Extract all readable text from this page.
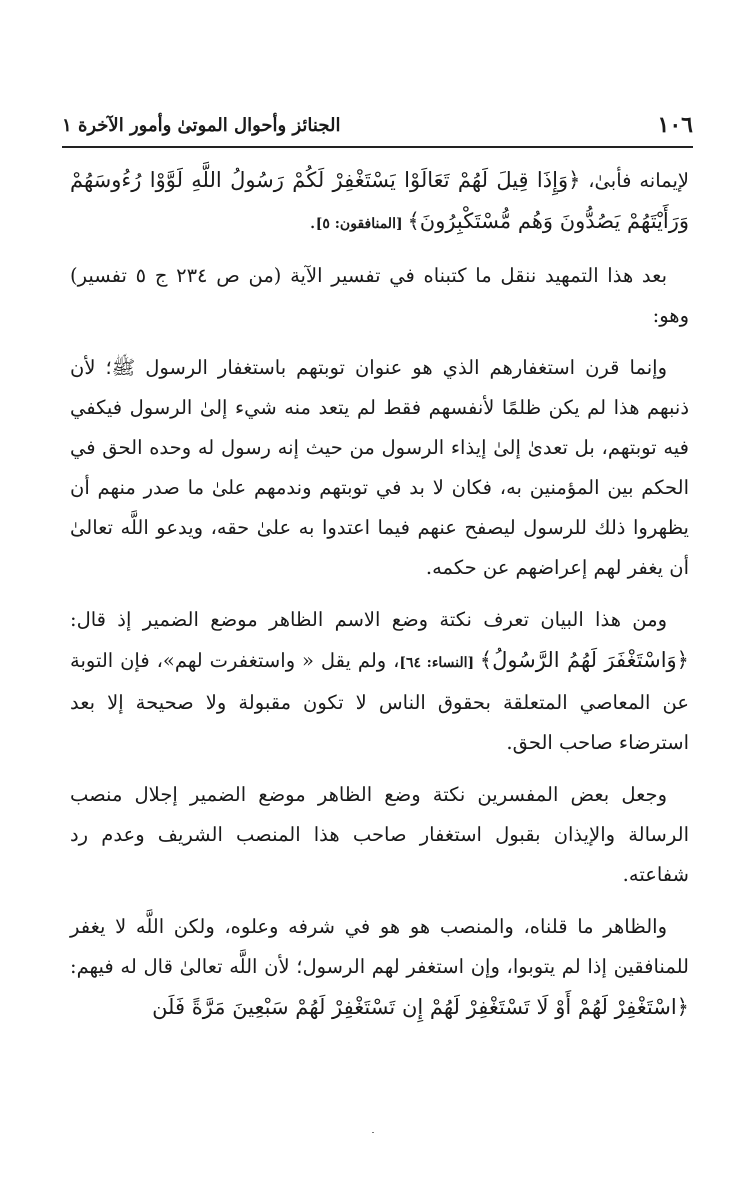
١٠٦
الجنائز وأحوال الموتىٰ وأمور الآخرة ١

لإيمانه فأبىٰ، ﴿وَإِذَا قِيلَ لَهُمْ تَعَالَوْا يَسْتَغْفِرْ لَكُمْ رَسُولُ اللَّهِ لَوَّوْا رُءُوسَهُمْ وَرَأَيْتَهُمْ يَصُدُّونَ وَهُم مُّسْتَكْبِرُونَ﴾ [المنافقون: ٥].

بعد هذا التمهيد ننقل ما كتبناه في تفسير الآية (من ص ٢٣٤ ج ٥ تفسير) وهو:

وإنما قرن استغفارهم الذي هو عنوان توبتهم باستغفار الرسول ﷺ؛ لأن ذنبهم هذا لم يكن ظلمًا لأنفسهم فقط لم يتعد منه شيء إلىٰ الرسول فيكفي فيه توبتهم، بل تعدىٰ إلىٰ إيذاء الرسول من حيث إنه رسول له وحده الحق في الحكم بين المؤمنين به، فكان لا بد في توبتهم وندمهم علىٰ ما صدر منهم أن يظهروا ذلك للرسول ليصفح عنهم فيما اعتدوا به علىٰ حقه، ويدعو اللَّه تعالىٰ أن يغفر لهم إعراضهم عن حكمه.

ومن هذا البيان تعرف نكتة وضع الاسم الظاهر موضع الضمير إذ قال: ﴿وَاسْتَغْفَرَ لَهُمُ الرَّسُولُ﴾ [النساء: ٦٤]، ولم يقل « واستغفرت لهم»، فإن التوبة عن المعاصي المتعلقة بحقوق الناس لا تكون مقبولة ولا صحيحة إلا بعد استرضاء صاحب الحق.

وجعل بعض المفسرين نكتة وضع الظاهر موضع الضمير إجلال منصب الرسالة والإيذان بقبول استغفار صاحب هذا المنصب الشريف وعدم رد شفاعته.

والظاهر ما قلناه، والمنصب هو هو في شرفه وعلوه، ولكن اللَّه لا يغفر للمنافقين إذا لم يتوبوا، وإن استغفر لهم الرسول؛ لأن اللَّه تعالىٰ قال له فيهم: ﴿اسْتَغْفِرْ لَهُمْ أَوْ لَا تَسْتَغْفِرْ لَهُمْ إِن تَسْتَغْفِرْ لَهُمْ سَبْعِينَ مَرَّةً فَلَن
